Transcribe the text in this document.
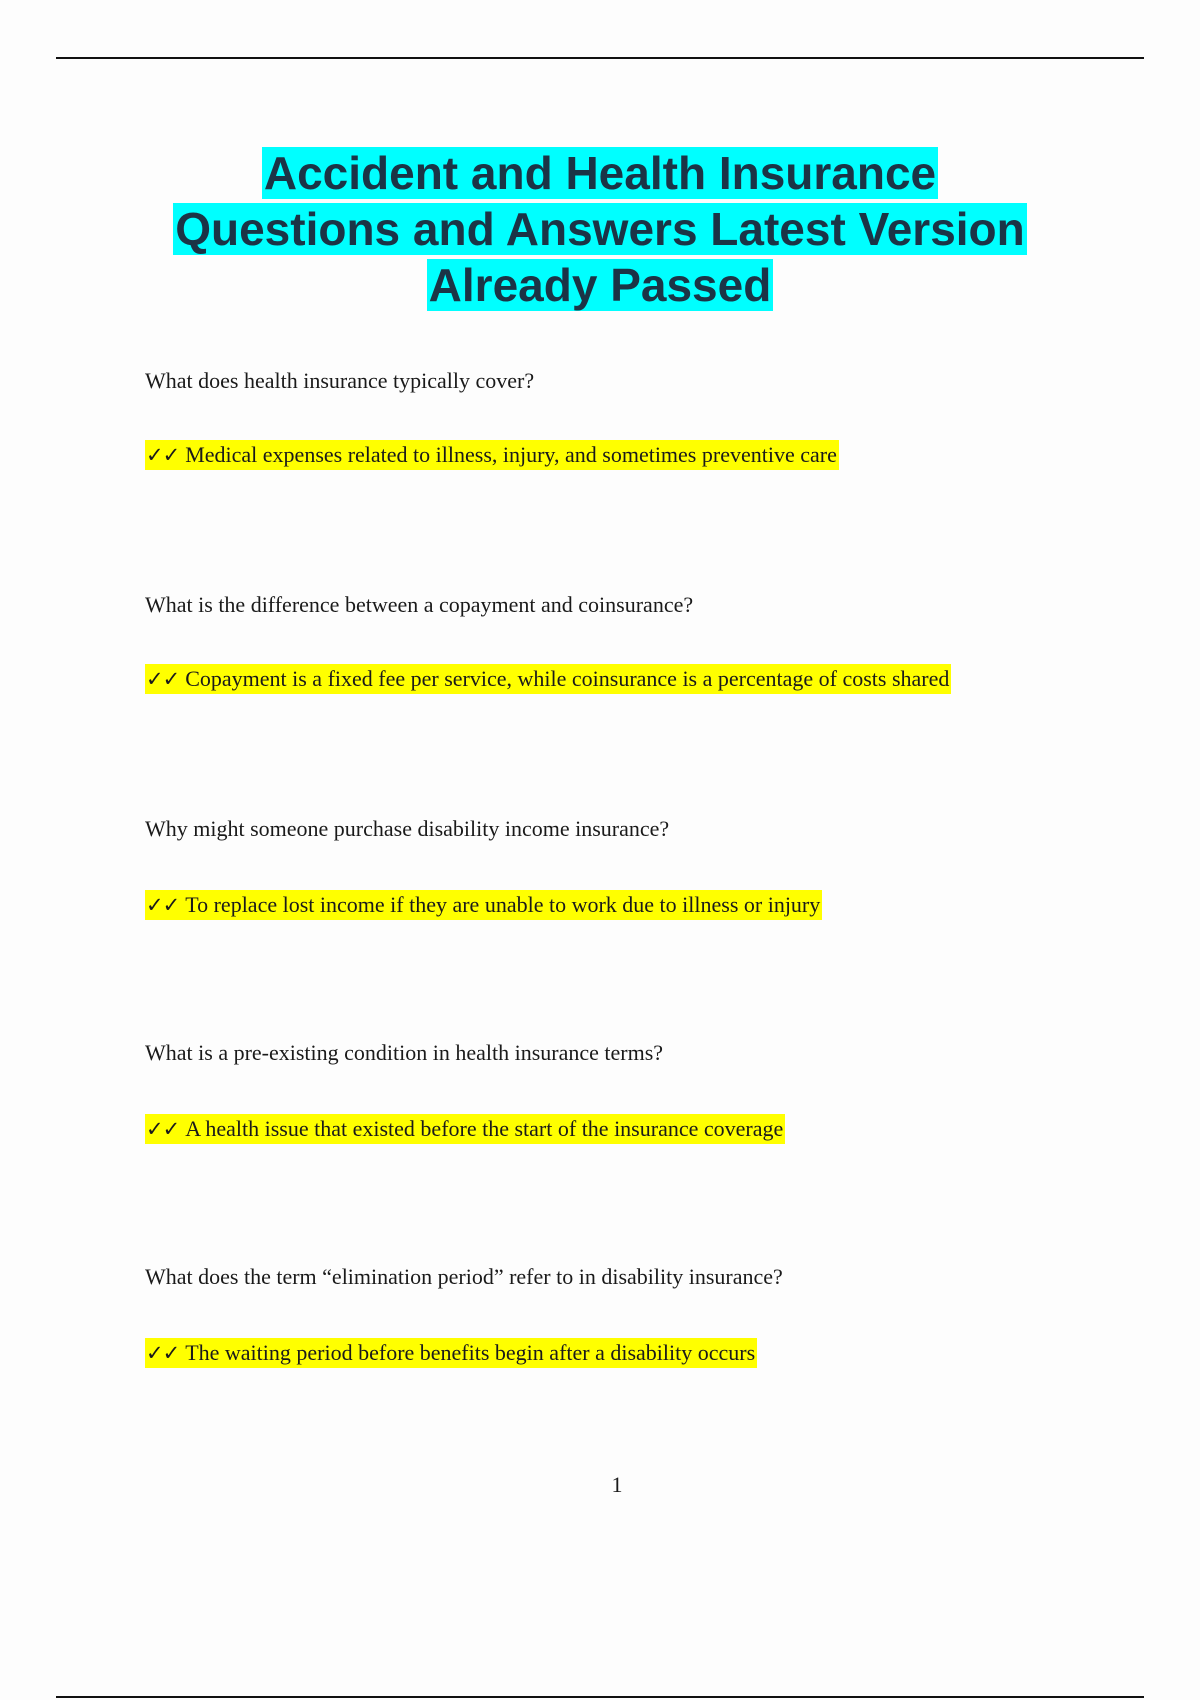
Accident and Health Insurance
Questions and Answers Latest Version
Already Passed
What does health insurance typically cover?
✓✓ Medical expenses related to illness, injury, and sometimes preventive care
What is the difference between a copayment and coinsurance?
✓✓ Copayment is a fixed fee per service, while coinsurance is a percentage of costs shared
Why might someone purchase disability income insurance?
✓✓ To replace lost income if they are unable to work due to illness or injury
What is a pre-existing condition in health insurance terms?
✓✓ A health issue that existed before the start of the insurance coverage
What does the term “elimination period” refer to in disability insurance?
✓✓ The waiting period before benefits begin after a disability occurs
1
